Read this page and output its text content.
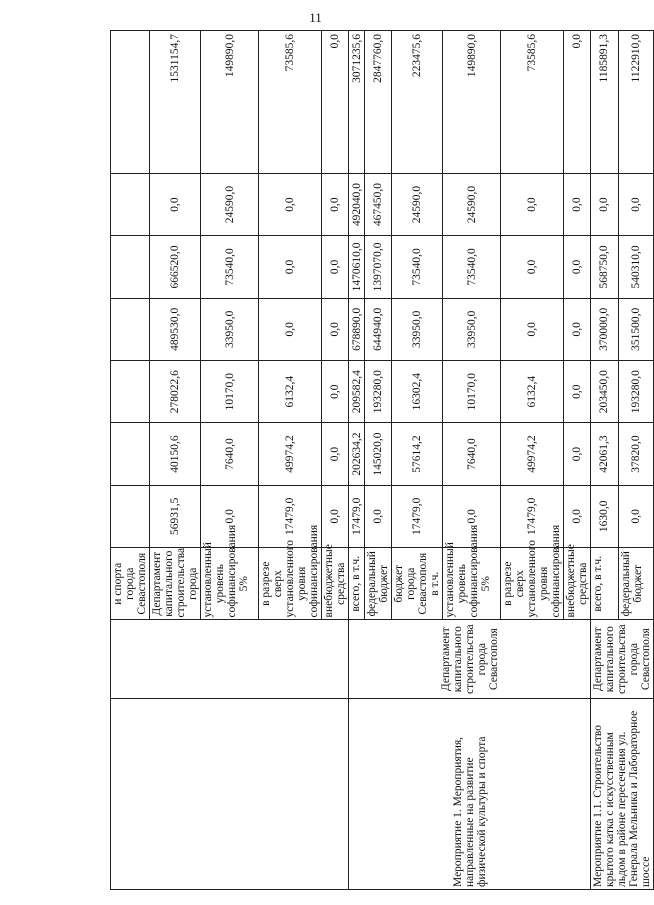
11
		и спорта города Севастополя							
		Департамент капитального строительства города	56931,5	40150,6	278022,6	489530,0	666520,0	0,0	1531154,7
		установленный уровень софинансирования 5%	0,0	7640,0	10170,0	33950,0	73540,0	24590,0	149890,0
		в разрезе сверх установленного уровня софинансирования	17479,0	49974,2	6132,4	0,0	0,0	0,0	73585,6
		внебюджетные средства	0,0	0,0	0,0	0,0	0,0	0,0	0,0
Мероприятие 1. Мероприятия, направленные на развитие физической культуры и спорта	Департамент капитального строительства города Севастополя	всего, в т.ч.	17479,0	202634,2	209582,4	678890,0	1470610,0	492040,0	3071235,6
		федеральный бюджет	0,0	145020,0	193280,0	644940,0	1397070,0	467450,0	2847760,0
		бюджет города Севастополя в т.ч.	17479,0	57614,2	16302,4	33950,0	73540,0	24590,0	223475,6
		установленный уровень софинансирования 5%	0,0	7640,0	10170,0	33950,0	73540,0	24590,0	149890,0
		в разрезе сверх установленного уровня софинансирования	17479,0	49974,2	6132,4	0,0	0,0	0,0	73585,6
		внебюджетные средства	0,0	0,0	0,0	0,0	0,0	0,0	0,0
Мероприятие 1.1. Строительство крытого катка с искусственным льдом в районе пересечения ул. Генерала Мельника и Лабораторное шоссе	Департамент капитального строительства города Севастополя	всего, в т.ч.	1630,0	42061,3	203450,0	370000,0	568750,0	0,0	1185891,3
		федеральный бюджет	0,0	37820,0	193280,0	351500,0	540310,0	0,0	1122910,0
